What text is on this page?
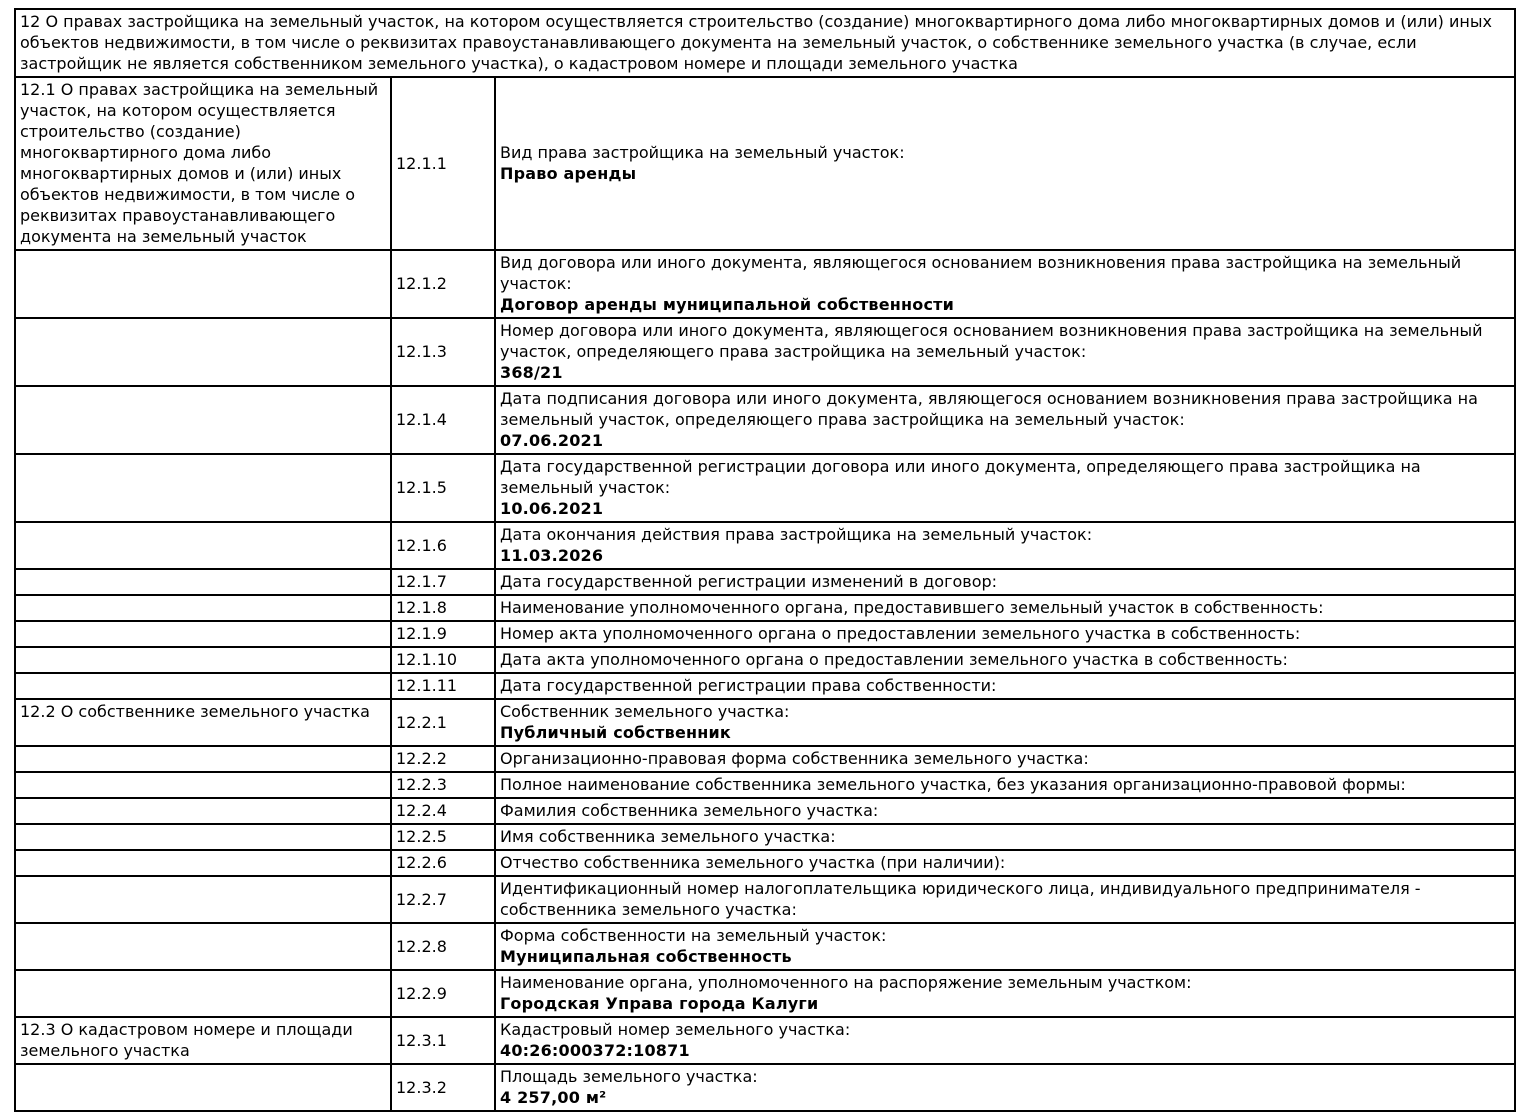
12 О правах застройщика на земельный участок, на котором осуществляется строительство (создание) многоквартирного дома либо многоквартирных домов и (или) иных объектов недвижимости, в том числе о реквизитах правоустанавливающего документа на земельный участок, о собственнике земельного участка (в случае, если застройщик не является собственником земельного участка), о кадастровом номере и площади земельного участка		
12.1 О правах застройщика на земельный участок, на котором осуществляется строительство (создание) многоквартирного дома либо многоквартирных домов и (или) иных объектов недвижимости, в том числе о реквизитах правоустанавливающего документа на земельный участок	12.1.1	Вид права застройщика на земельный участок:
Право аренды

	12.1.2	Вид договора или иного документа, являющегося основанием возникновения права застройщика на земельный участок:
Договор аренды муниципальной собственности

	12.1.3	Номер договора или иного документа, являющегося основанием возникновения права застройщика на земельный участок, определяющего права застройщика на земельный участок:
368/21

	12.1.4	Дата подписания договора или иного документа, являющегося основанием возникновения права застройщика на земельный участок, определяющего права застройщика на земельный участок:
07.06.2021

	12.1.5	Дата государственной регистрации договора или иного документа, определяющего права застройщика на земельный участок:
10.06.2021

	12.1.6	Дата окончания действия права застройщика на земельный участок:
11.03.2026

	12.1.7	Дата государственной регистрации изменений в договор:

	12.1.8	Наименование уполномоченного органа, предоставившего земельный участок в собственность:

	12.1.9	Номер акта уполномоченного органа о предоставлении земельного участка в собственность:

	12.1.10	Дата акта уполномоченного органа о предоставлении земельного участка в собственность:

	12.1.11	Дата государственной регистрации права собственности:

12.2 О собственнике земельного участка	12.2.1	Собственник земельного участка:
Публичный собственник

	12.2.2	Организационно-правовая форма собственника земельного участка:

	12.2.3	Полное наименование собственника земельного участка, без указания организационно-правовой формы:

	12.2.4	Фамилия собственника земельного участка:

	12.2.5	Имя собственника земельного участка:

	12.2.6	Отчество собственника земельного участка (при наличии):

	12.2.7	Идентификационный номер налогоплательщика юридического лица, индивидуального предпринимателя - собственника земельного участка:

	12.2.8	Форма собственности на земельный участок:
Муниципальная собственность

	12.2.9	Наименование органа, уполномоченного на распоряжение земельным участком:
Городская Управа города Калуги

12.3 О кадастровом номере и площади земельного участка	12.3.1	Кадастровый номер земельного участка:
40:26:000372:10871

	12.3.2	Площадь земельного участка:
4 257,00 м²
